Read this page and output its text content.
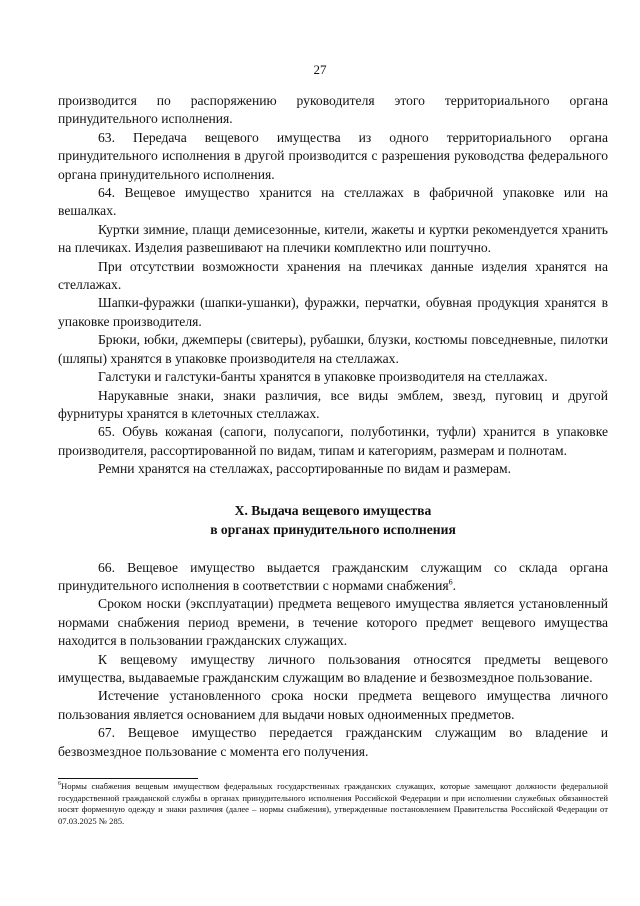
27

производится по распоряжению руководителя этого территориального органа принудительного исполнения.

63. Передача вещевого имущества из одного территориального органа принудительного исполнения в другой производится с разрешения руководства федерального органа принудительного исполнения.

64. Вещевое имущество хранится на стеллажах в фабричной упаковке или на вешалках.

Куртки зимние, плащи демисезонные, кители, жакеты и куртки рекомендуется хранить на плечиках. Изделия развешивают на плечики комплектно или поштучно.

При отсутствии возможности хранения на плечиках данные изделия хранятся на стеллажах.

Шапки-фуражки (шапки-ушанки), фуражки, перчатки, обувная продукция хранятся в упаковке производителя.

Брюки, юбки, джемперы (свитеры), рубашки, блузки, костюмы повседневные, пилотки (шляпы) хранятся в упаковке производителя на стеллажах.

Галстуки и галстуки-банты хранятся в упаковке производителя на стеллажах.

Нарукавные знаки, знаки различия, все виды эмблем, звезд, пуговиц и другой фурнитуры хранятся в клеточных стеллажах.

65. Обувь кожаная (сапоги, полусапоги, полуботинки, туфли) хранится в упаковке производителя, рассортированной по видам, типам и категориям, размерам и полнотам.

Ремни хранятся на стеллажах, рассортированные по видам и размерам.

X. Выдача вещевого имущества
в органах принудительного исполнения

66. Вещевое имущество выдается гражданским служащим со склада органа принудительного исполнения в соответствии с нормами снабжения$^6$.

Сроком носки (эксплуатации) предмета вещевого имущества является установленный нормами снабжения период времени, в течение которого предмет вещевого имущества находится в пользовании гражданских служащих.

К вещевому имуществу личного пользования относятся предметы вещевого имущества, выдаваемые гражданским служащим во владение и безвозмездное пользование.

Истечение установленного срока носки предмета вещевого имущества личного пользования является основанием для выдачи новых одноименных предметов.

67. Вещевое имущество передается гражданским служащим во владение и безвозмездное пользование с момента его получения.

$^6$Нормы снабжения вещевым имуществом федеральных государственных гражданских служащих, которые замещают должности федеральной государственной гражданской службы в органах принудительного исполнения Российской Федерации и при исполнении служебных обязанностей носят форменную одежду и знаки различия (далее – нормы снабжения), утвержденные постановлением Правительства Российской Федерации от 07.03.2025 № 285.
